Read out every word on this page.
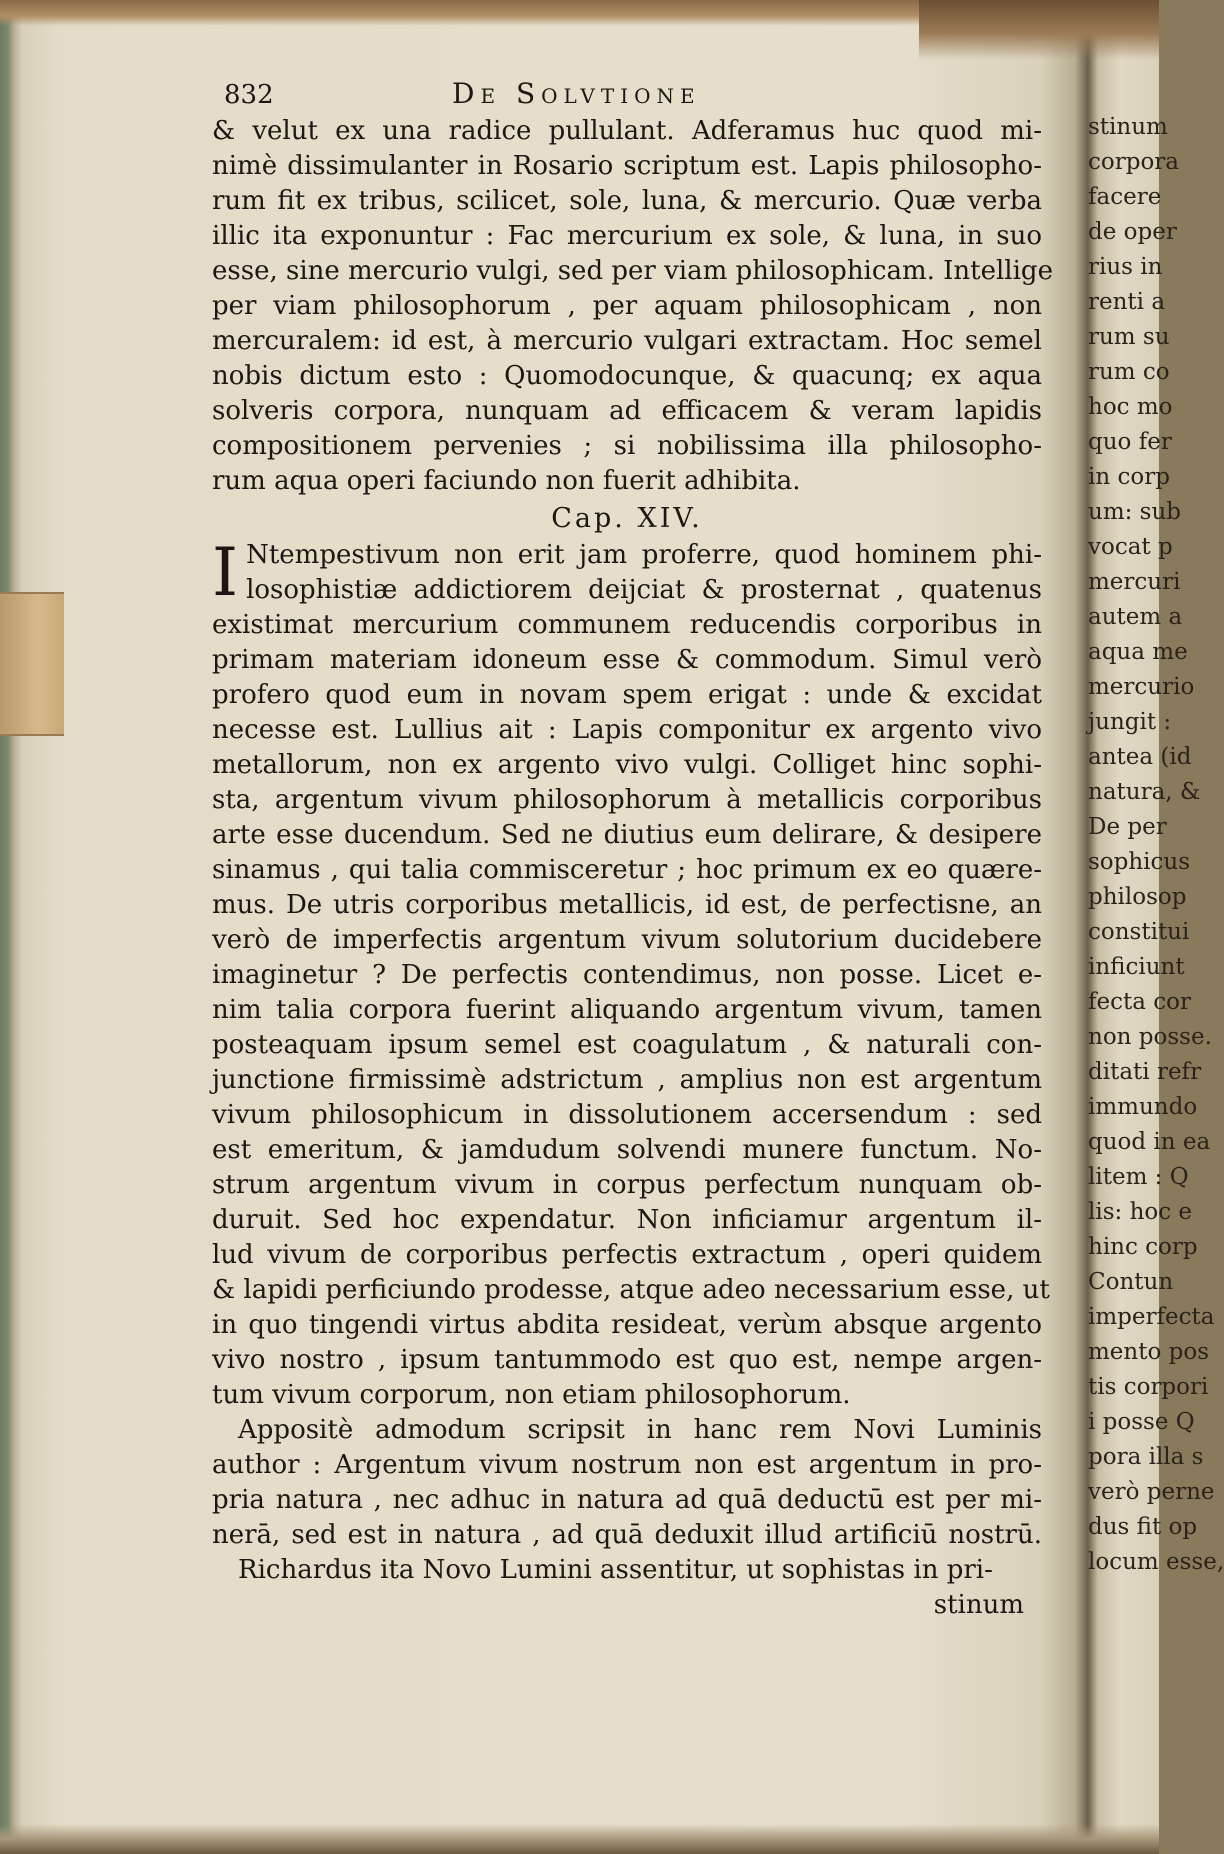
832	De Solvtione
& velut ex una radice pullulant. Adferamus huc quod mi-
nimè dissimulanter in Rosario scriptum est. Lapis philosopho-
rum fit ex tribus, scilicet, sole, luna, & mercurio. Quæ verba
illic ita exponuntur : Fac mercurium ex sole, & luna, in suo
esse, sine mercurio vulgi, sed per viam philosophicam. Intellige
per viam philosophorum , per aquam philosophicam , non
mercuralem: id est, à mercurio vulgari extractam. Hoc semel
nobis dictum esto : Quomodocunque, & quacunq; ex aqua
solveris corpora, nunquam ad efficacem & veram lapidis
compositionem pervenies ; si nobilissima illa philosopho-
rum aqua operi faciundo non fuerit adhibita.
Cap. XIV.
I Ntempestivum non erit jam proferre, quod hominem phi-
losophistiæ addictiorem deijciat & prosternat , quatenus
existimat mercurium communem reducendis corporibus in
primam materiam idoneum esse & commodum. Simul verò
profero quod eum in novam spem erigat : unde & excidat
necesse est. Lullius ait : Lapis componitur ex argento vivo
metallorum, non ex argento vivo vulgi. Colliget hinc sophi-
sta, argentum vivum philosophorum à metallicis corporibus
arte esse ducendum. Sed ne diutius eum delirare, & desipere
sinamus , qui talia commisceretur ; hoc primum ex eo quære-
mus. De utris corporibus metallicis, id est, de perfectisne, an
verò de imperfectis argentum vivum solutorium ducidebere
imaginetur ? De perfectis contendimus, non posse. Licet e-
nim talia corpora fuerint aliquando argentum vivum, tamen
posteaquam ipsum semel est coagulatum , & naturali con-
junctione firmissimè adstrictum , amplius non est argentum
vivum philosophicum in dissolutionem accersendum : sed
est emeritum, & jamdudum solvendi munere functum. No-
strum argentum vivum in corpus perfectum nunquam ob-
duruit. Sed hoc expendatur. Non inficiamur argentum il-
lud vivum de corporibus perfectis extractum , operi quidem
& lapidi perficiundo prodesse, atque adeo necessarium esse, ut
in quo tingendi virtus abdita resideat, verùm absque argento
vivo nostro , ipsum tantummodo est quo est, nempe argen-
tum vivum corporum, non etiam philosophorum.
Appositè admodum scripsit in hanc rem Novi Luminis
author : Argentum vivum nostrum non est argentum in pro-
pria natura , nec adhuc in natura ad quā deductū est per mi-
nerā, sed est in natura , ad quā deduxit illud artificiū nostrū.
Richardus ita Novo Lumini assentitur, ut sophistas in pri-
stinum
stinum
corpora
facere
de oper
rius in
renti a
rum su
rum co
hoc mo
quo fer
in corp
um: sub
vocat p
mercuri
autem a
aqua me
mercurio
jungit :
antea (id
natura, &
De per
sophicus
philosop
constitui
inficiunt
fecta cor
non posse.
ditati refr
immundo
quod in ea
litem : Q
lis: hoc e
hinc corp
Contun
imperfecta
mento pos
tis corpori
i posse Q
pora illa s
verò perne
dus fit op
locum esse,
